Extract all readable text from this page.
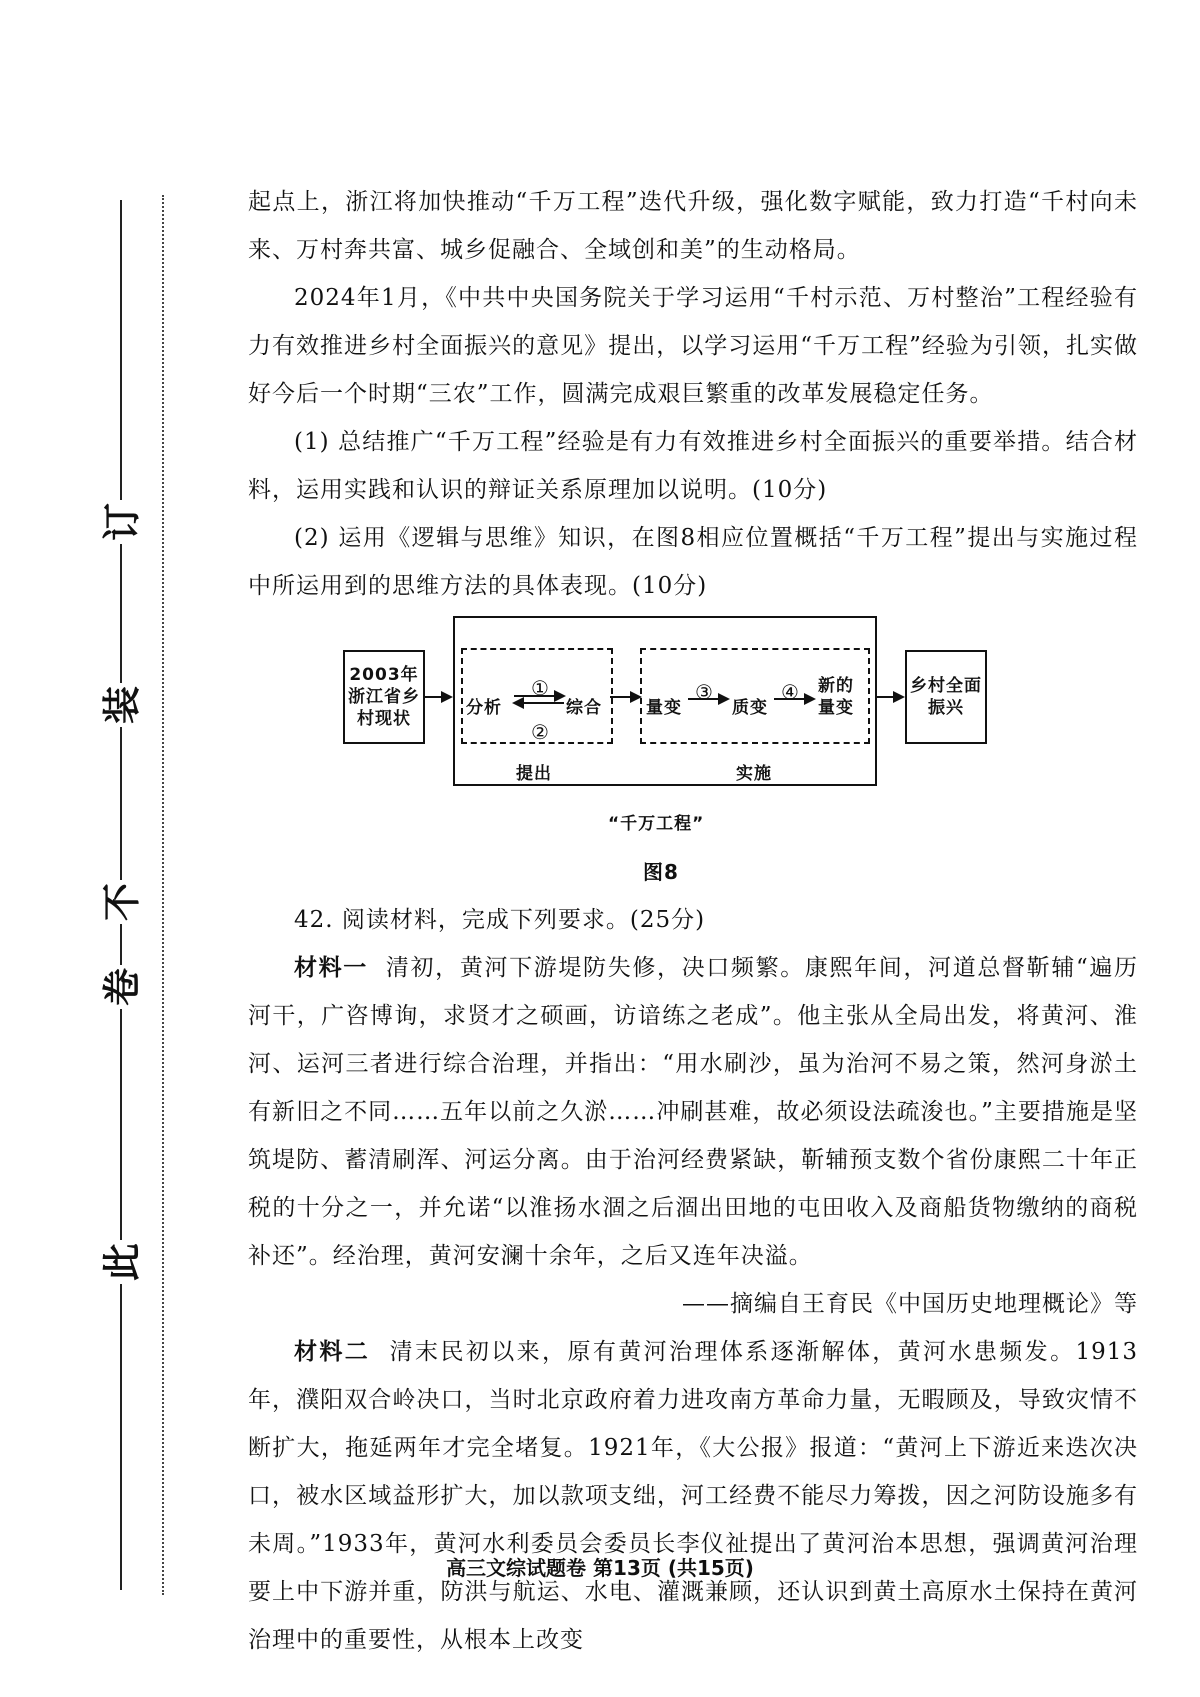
此
卷
不
装
订

起点上，浙江将加快推动“千万工程”迭代升级，强化数字赋能，致力打造“千村向未来、万村奔共富、城乡促融合、全域创和美”的生动格局。

2024年1月，《中共中央国务院关于学习运用“千村示范、万村整治”工程经验有力有效推进乡村全面振兴的意见》提出，以学习运用“千万工程”经验为引领，扎实做好今后一个时期“三农”工作，圆满完成艰巨繁重的改革发展稳定任务。

(1) 总结推广“千万工程”经验是有力有效推进乡村全面振兴的重要举措。结合材料，运用实践和认识的辩证关系原理加以说明。(10分)

(2) 运用《逻辑与思维》知识，在图8相应位置概括“千万工程”提出与实施过程中所运用到的思维方法的具体表现。(10分)

2003年浙江省乡村现状
分析
①
②
综合	量变
③
质变
④ 新的量变
提出	实施
乡村全面振兴
“千万工程”
图8

42. 阅读材料，完成下列要求。(25分)

材料一 清初，黄河下游堤防失修，决口频繁。康熙年间，河道总督靳辅“遍历河干，广咨博询，求贤才之硕画，访谙练之老成”。他主张从全局出发，将黄河、淮河、运河三者进行综合治理，并指出：“用水刷沙，虽为治河不易之策，然河身淤土有新旧之不同……五年以前之久淤……冲刷甚难，故必须设法疏浚也。”主要措施是坚筑堤防、蓄清刷浑、河运分离。由于治河经费紧缺，靳辅预支数个省份康熙二十年正税的十分之一，并允诺“以淮扬水涸之后涸出田地的屯田收入及商船货物缴纳的商税补还”。经治理，黄河安澜十余年，之后又连年决溢。

——摘编自王育民《中国历史地理概论》等

材料二 清末民初以来，原有黄河治理体系逐渐解体，黄河水患频发。1913年，濮阳双合岭决口，当时北京政府着力进攻南方革命力量，无暇顾及，导致灾情不断扩大，拖延两年才完全堵复。1921年，《大公报》报道：“黄河上下游近来迭次决口，被水区域益形扩大，加以款项支绌，河工经费不能尽力筹拨，因之河防设施多有未周。”1933年，黄河水利委员会委员长李仪祉提出了黄河治本思想，强调黄河治理要上中下游并重，防洪与航运、水电、灌溉兼顾，还认识到黄土高原水土保持在黄河治理中的重要性，从根本上改变

高三文综试题卷 第13页 (共15页)
